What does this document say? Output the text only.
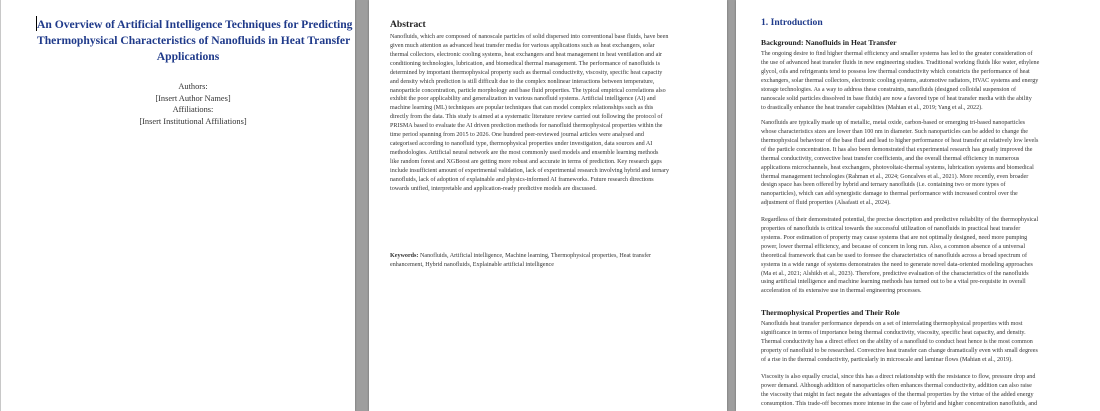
An Overview of Artificial Intelligence Techniques for Predicting
Thermophysical Characteristics of Nanofluids in Heat Transfer
Applications
Authors:
[Insert Author Names]
Affiliations:
[Insert Institutional Affiliations]
Abstract
Nanofluids, which are composed of nanoscale particles of solid dispersed into conventional base fluids, have been
given much attention as advanced heat transfer media for various applications such as heat exchangers, solar
thermal collectors, electronic cooling systems, heat exchangers and heat management in heat ventilation and air
conditioning technologies, lubrication, and biomedical thermal management. The performance of nanofluids is
determined by important thermophysical property such as thermal conductivity, viscosity, specific heat capacity
and density which prediction is still difficult due to the complex nonlinear interactions between temperature,
nanoparticle concentration, particle morphology and base fluid properties. The typical empirical correlations also
exhibit the poor applicability and generalization in various nanofluid systems. Artificial intelligence (AI) and
machine learning (ML) techniques are popular techniques that can model complex relationships such as this
directly from the data. This study is aimed at a systematic literature review carried out following the protocol of
PRISMA based to evaluate the AI driven prediction methods for nanofluid thermophysical properties within the
time period spanning from 2015 to 2026. One hundred peer-reviewed journal articles were analysed and
categorised according to nanofluid type, thermophysical properties under investigation, data sources and AI
methodologies. Artificial neural network are the most commonly used models and ensemble learning methods
like random forest and XGBoost are getting more robust and accurate in terms of prediction. Key research gaps
include insufficient amount of experimental validation, lack of experimental research involving hybrid and ternary
nanofluids, lack of adoption of explainable and physics-informed AI frameworks. Future research directions
towards unified, interpretable and application-ready predictive models are discussed.
Keywords: Nanofluids, Artificial intelligence, Machine learning, Thermophysical properties, Heat transfer
enhancement, Hybrid nanofluids, Explainable artificial intelligence
1. Introduction
Background: Nanofluids in Heat Transfer
The ongoing desire to find higher thermal efficiency and smaller systems has led to the greater consideration of
the use of advanced heat transfer fluids in new engineering studies. Traditional working fluids like water, ethylene
glycol, oils and refrigerants tend to possess low thermal conductivity which constricts the performance of heat
exchangers, solar thermal collectors, electronic cooling systems, automotive radiators, HVAC systems and energy
storage technologies. As a way to address these constraints, nanofluids (designed colloidal suspension of
nanoscale solid particles dissolved in base fluids) are now a favored type of heat transfer media with the ability
to drastically enhance the heat transfer capabilities (Mahian et al., 2019; Yang et al., 2022).
Nanofluids are typically made up of metallic, metal oxide, carbon-based or emerging tri-based nanoparticles
whose characteristics sizes are lower than 100 nm in diameter. Such nanoparticles can be added to change the
thermophysical behaviour of the base fluid and lead to higher performance of heat transfer at relatively low levels
of the particle concentration. It has also been demonstrated that experimental research has greatly improved the
thermal conductivity, convective heat transfer coefficients, and the overall thermal efficiency in numerous
applications microchannels, heat exchangers, photovoltaic-thermal systems, lubrication systems and biomedical
thermal management technologies (Rahman et al., 2024; Goncalves et al., 2021). More recently, even broader
design space has been offered by hybrid and ternary nanofluids (i.e. containing two or more types of
nanoparticles), which can add synergistic damage to thermal performance with increased control over the
adjustment of fluid properties (Alsafasti et al., 2024).
Regardless of their demonstrated potential, the precise description and predictive reliability of the thermophysical
properties of nanofluids is critical towards the successful utilization of nanofluids in practical heat transfer
systems. Poor estimation of property may cause systems that are not optimally designed, need more pumping
power, lower thermal efficiency, and because of concern in long run. Also, a common absence of a universal
theoretical framework that can be used to foresee the characteristics of nanofluids across a broad spectrum of
systems in a wide range of systems demonstrates the need to generate novel data-oriented modeling approaches
(Ma et al., 2021; Alshikh et al., 2023). Therefore, predictive evaluation of the characteristics of the nanofluids
using artificial intelligence and machine learning methods has turned out to be a vital pre-requisite in overall
acceleration of its extensive use in thermal engineering processes.
Thermophysical Properties and Their Role
Nanofluids heat transfer performance depends on a set of interrelating thermophysical properties with most
significance in terms of importance being thermal conductivity, viscosity, specific heat capacity, and density.
Thermal conductivity has a direct effect on the ability of a nanofluid to conduct heat hence is the most common
property of nanofluid to be researched. Convective heat transfer can change dramatically even with small degrees
of a rise in the thermal conductivity, particularly in microscale and laminar flows (Mahian et al., 2019).
Viscosity is also equally crucial, since this has a direct relationship with the resistance to flow, pressure drop and
power demand. Although addition of nanoparticles often enhances thermal conductivity, addition can also raise
the viscosity that might in fact negate the advantages of the thermal properties by the virtue of the added energy
consumption. This trade-off becomes more intense in the case of hybrid and higher concentration nanofluids, and
